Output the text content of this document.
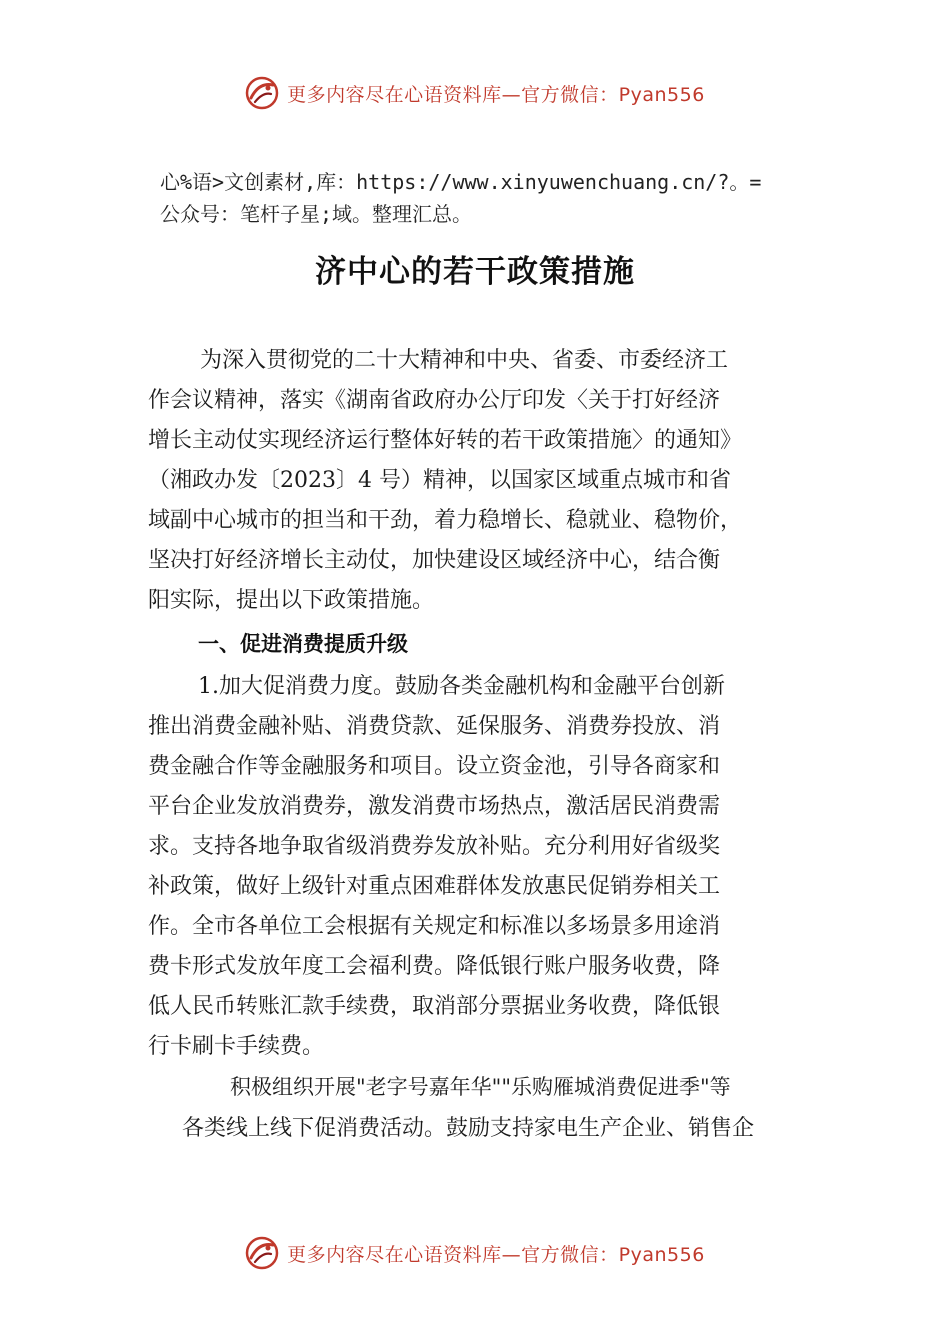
更多内容尽在心语资料库—官方微信：Pyan556
心%语>文创素材,库：https://www.xinyuwenchuang.cn/?。=
公众号：笔杆子星;域。整理汇总。
济中心的若干政策措施
为深入贯彻党的二十大精神和中央、省委、市委经济工
作会议精神，落实《湖南省政府办公厅印发〈关于打好经济
增长主动仗实现经济运行整体好转的若干政策措施〉的通知》
（湘政办发〔2023〕4 号）精神，以国家区域重点城市和省
域副中心城市的担当和干劲，着力稳增长、稳就业、稳物价，
坚决打好经济增长主动仗，加快建设区域经济中心，结合衡
阳实际，提出以下政策措施。
一、促进消费提质升级
1.加大促消费力度。鼓励各类金融机构和金融平台创新
推出消费金融补贴、消费贷款、延保服务、消费券投放、消
费金融合作等金融服务和项目。设立资金池，引导各商家和
平台企业发放消费券，激发消费市场热点，激活居民消费需
求。支持各地争取省级消费券发放补贴。充分利用好省级奖
补政策，做好上级针对重点困难群体发放惠民促销券相关工
作。全市各单位工会根据有关规定和标准以多场景多用途消
费卡形式发放年度工会福利费。降低银行账户服务收费，降
低人民币转账汇款手续费，取消部分票据业务收费，降低银
行卡刷卡手续费。
积极组织开展"老字号嘉年华""乐购雁城消费促进季"等
各类线上线下促消费活动。鼓励支持家电生产企业、销售企
更多内容尽在心语资料库—官方微信：Pyan556
